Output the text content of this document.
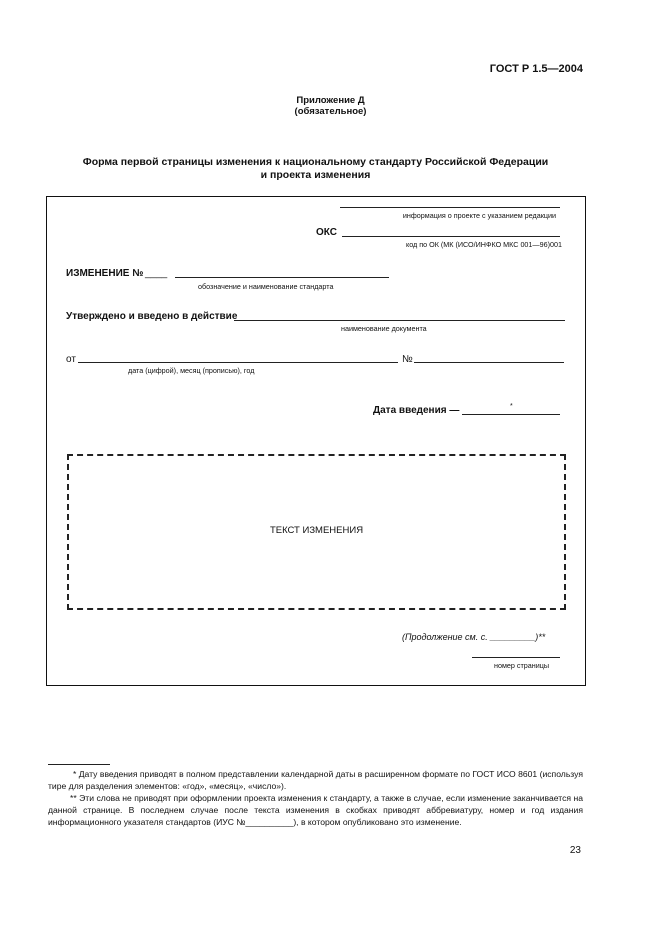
ГОСТ Р 1.5—2004
Приложение Д
(обязательное)
Форма первой страницы изменения к национальному стандарту Российской Федерации
и проекта изменения
информация о проекте с указанием редакции
ОКС
код по ОК (МК (ИСО/ИНФКО МКС 001—96)001
ИЗМЕНЕНИЕ № ____
обозначение и наименование стандарта
Утверждено и введено в действие
наименование документа
от
дата (цифрой), месяц (прописью), год
№
Дата введения —	*
ТЕКСТ ИЗМЕНЕНИЯ
(Продолжение см. с. _________)**
номер страницы
* Дату введения приводят в полном представлении календарной даты в расширенном формате по ГОСТ ИСО 8601 (используя тире для разделения элементов: «год», «месяц», «число»).
** Эти слова не приводят при оформлении проекта изменения к стандарту, а также в случае, если изменение заканчивается на данной странице. В последнем случае после текста изменения в скобках приводят аббревиатуру, номер и год издания информационного указателя стандартов (ИУС №__________), в котором опубликовано это изменение.
23
